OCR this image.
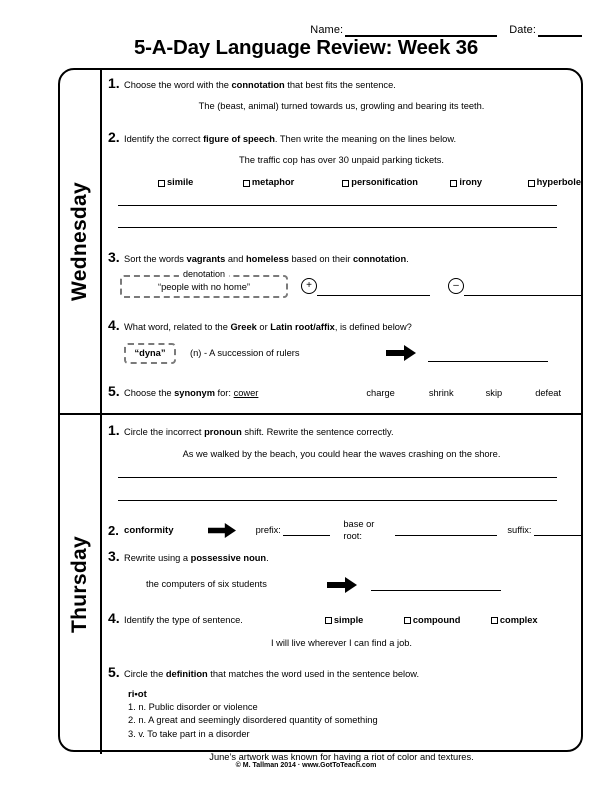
Name:	Date:
5-A-Day Language Review: Week 36
Wednesday
1. Choose the word with the connotation that best fits the sentence.
The (beast, animal) turned towards us, growling and bearing its teeth.
2. Identify the correct figure of speech. Then write the meaning on the lines below.
The traffic cop has over 30 unpaid parking tickets.
simile	metaphor	personification	irony	hyperbole
3. Sort the words vagrants and homeless based on their connotation.
denotation
“people with no home”	+	–
4. What word, related to the Greek or Latin root/affix, is defined below?
“dyna”	(n) - A succession of rulers
5. Choose the synonym for: cower	charge	shrink	skip	defeat
Thursday
1. Circle the incorrect pronoun shift. Rewrite the sentence correctly.
As we walked by the beach, you could hear the waves crashing on the shore.
2. conformity	prefix:
base or root:
suffix:
3. Rewrite using a possessive noun.
the computers of six students
4. Identify the type of sentence.	simple	compound	complex
I will live wherever I can find a job.
5. Circle the definition that matches the word used in the sentence below.
ri•ot
1. n. Public disorder or violence
2. n. A great and seemingly disordered quantity of something
3. v. To take part in a disorder
June’s artwork was known for having a riot of color and textures.
© M. Tallman 2014 · www.GotToTeach.com
